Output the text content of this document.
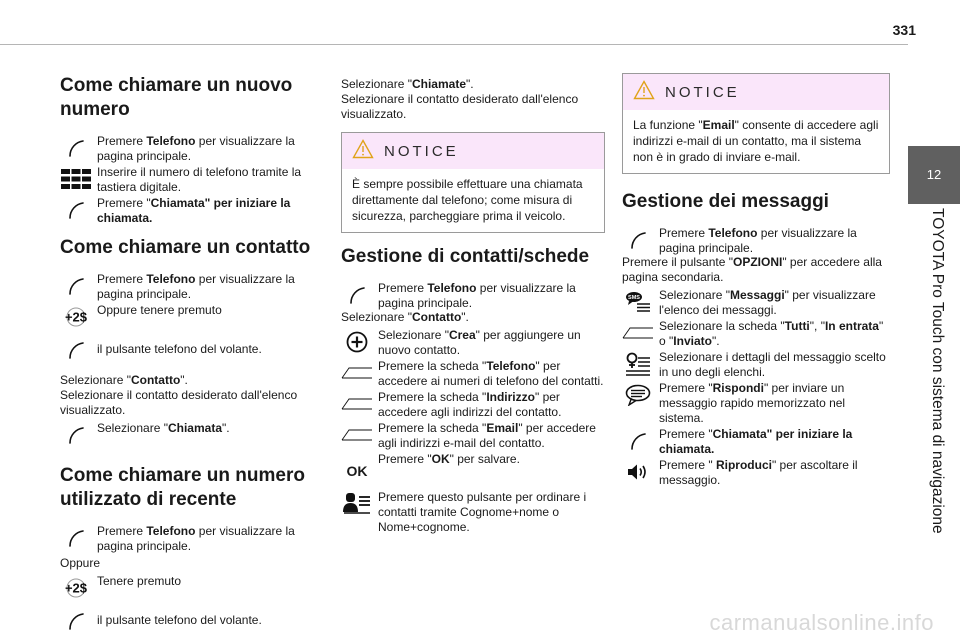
331
12
TOYOTA Pro Touch con sistema di navigazione
Come chiamare un nuovo numero
Premere Telefono per visualizzare la pagina principale.
Inserire il numero di telefono tramite la tastiera digitale.
Premere "Chiamata" per iniziare la chiamata.
Come chiamare un contatto
Premere Telefono per visualizzare la pagina principale.
+2$ Oppure tenere premuto
il pulsante telefono del volante.

Selezionare "Contatto".
Selezionare il contatto desiderato dall'elenco visualizzato.

Selezionare "Chiamata".
Come chiamare un numero utilizzato di recente
Premere Telefono per visualizzare la pagina principale.

Oppure

+2$ Tenere premuto
il pulsante telefono del volante.

Selezionare "Chiamate".
Selezionare il contatto desiderato dall'elenco visualizzato.

NOTICE
È sempre possibile effettuare una chiamata direttamente dal telefono; come misura di sicurezza, parcheggiare prima il veicolo.
Gestione di contatti/schede
Premere Telefono per visualizzare la pagina principale.

Selezionare "Contatto".

Selezionare "Crea" per aggiungere un nuovo contatto.
Premere la scheda "Telefono" per accedere ai numeri di telefono del contatti.
Premere la scheda "Indirizzo" per accedere agli indirizzi del contatto.
Premere la scheda "Email" per accedere agli indirizzi e-mail del contatto.
OK
Premere "OK" per salvare.
Premere questo pulsante per ordinare i contatti tramite Cognome+nome o Nome+cognome.
NOTICE
La funzione "Email" consente di accedere agli indirizzi e-mail di un contatto, ma il sistema non è in grado di inviare e-mail.
Gestione dei messaggi
Premere Telefono per visualizzare la pagina principale.

Premere il pulsante "OPZIONI" per accedere alla pagina secondaria.

SMS Selezionare "Messaggi" per visualizzare l'elenco dei messaggi.
Selezionare la scheda "Tutti", "In entrata" o "Inviato".
Selezionare i dettagli del messaggio scelto in uno degli elenchi.
Premere "Rispondi" per inviare un messaggio rapido memorizzato nel sistema.
Premere "Chiamata" per iniziare la chiamata.
Premere " Riproduci" per ascoltare il messaggio.
carmanualsonline.info
